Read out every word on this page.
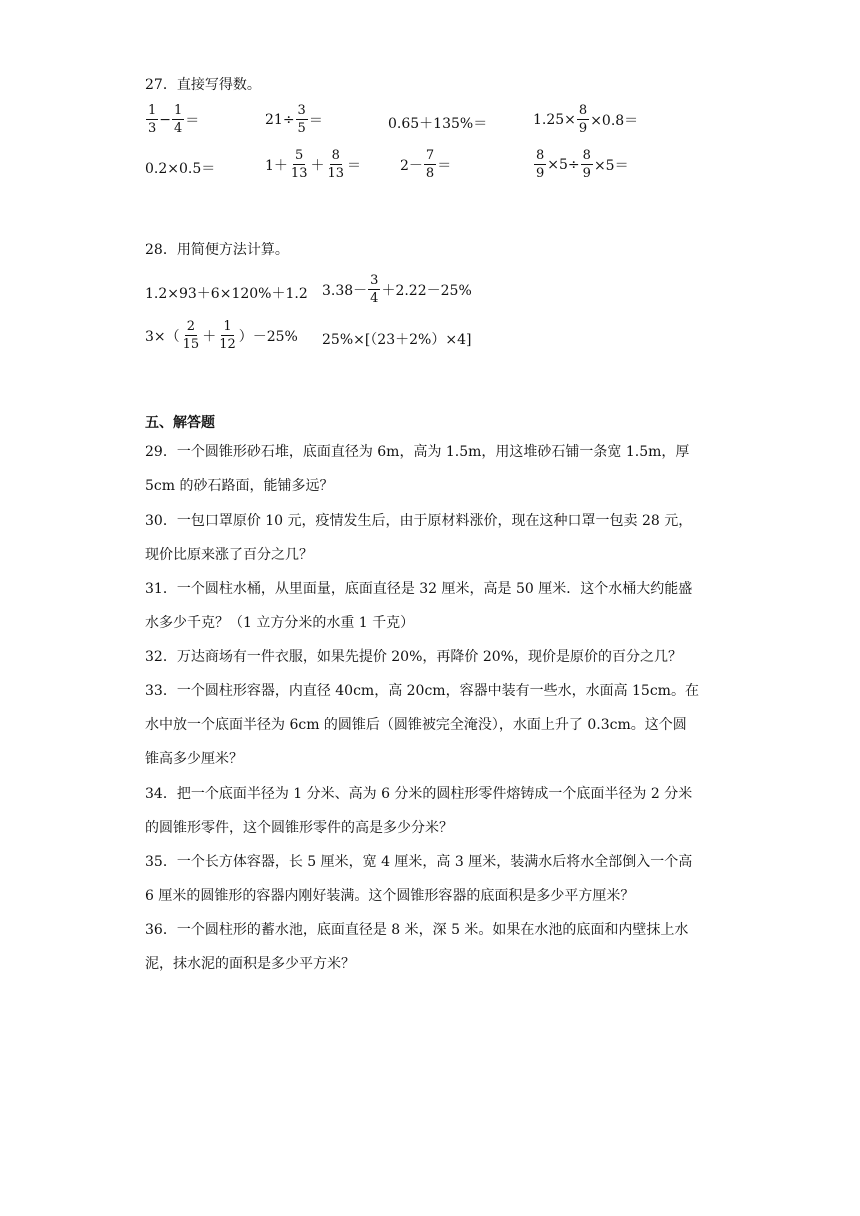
27．直接写得数。
$\frac{1}{3} - \frac{1}{4}$ ＝	$21\div \frac{3}{5}$ ＝	0.65＋135%＝	$1.25\times \frac{8}{9} \times 0.8=$
0.2×0.5＝	$1+ \frac{5}{13} + \frac{8}{13}$ ＝	$2- \frac{7}{8}$ ＝	$\frac{8}{9} \times 5\div \frac{8}{9} \times 5=$
28．用简便方法计算。
1.2×93＋6×120%＋1.2 $3.38- \frac{3}{4} +2.22-25\%$
$3\times( \frac{2}{15} + \frac{1}{12} )-25\%$ 25%×[（23＋2%）×4]
五、解答题
29．一个圆锥形砂石堆，底面直径为 6m，高为 1.5m，用这堆砂石铺一条宽 1.5m，厚
5cm 的砂石路面，能铺多远？
30．一包口罩原价 10 元，疫情发生后，由于原材料涨价，现在这种口罩一包卖 28 元，
现价比原来涨了百分之几？
31．一个圆柱水桶，从里面量，底面直径是 32 厘米，高是 50 厘米．这个水桶大约能盛
水多少千克？（1 立方分米的水重 1 千克）
32．万达商场有一件衣服，如果先提价 20%，再降价 20%，现价是原价的百分之几？
33．一个圆柱形容器，内直径 40cm，高 20cm，容器中装有一些水，水面高 15cm。在
水中放一个底面半径为 6cm 的圆锥后（圆锥被完全淹没），水面上升了 0.3cm。这个圆
锥高多少厘米？
34．把一个底面半径为 1 分米、高为 6 分米的圆柱形零件熔铸成一个底面半径为 2 分米
的圆锥形零件，这个圆锥形零件的高是多少分米？
35．一个长方体容器，长 5 厘米，宽 4 厘米，高 3 厘米，装满水后将水全部倒入一个高
6 厘米的圆锥形的容器内刚好装满。这个圆锥形容器的底面积是多少平方厘米？
36．一个圆柱形的蓄水池，底面直径是 8 米，深 5 米。如果在水池的底面和内壁抹上水
泥，抹水泥的面积是多少平方米？
